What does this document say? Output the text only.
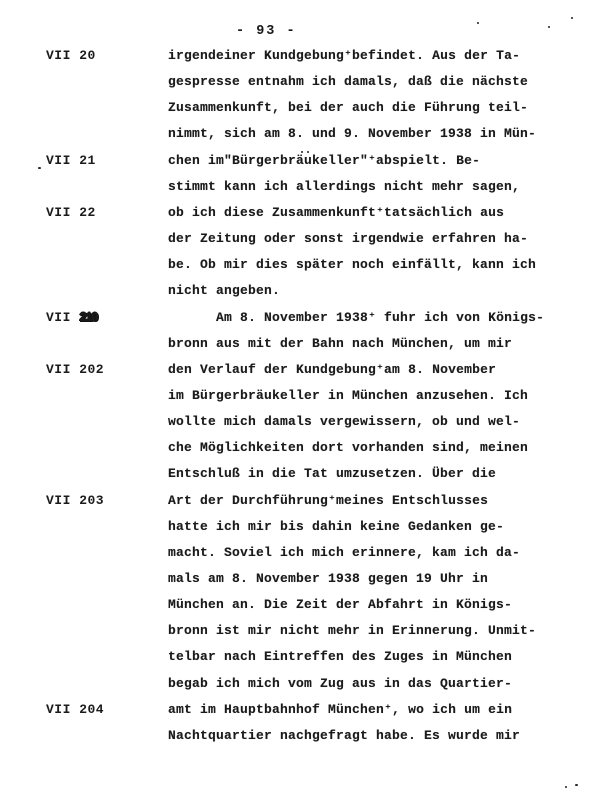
- 93 -
VII 20	irgendeiner Kundgebung⁺befindet. Aus der Ta-
gespresse entnahm ich damals, daß die nächste
Zusammenkunft, bei der auch die Führung teil-
nimmt, sich am 8. und 9. November 1938 in Mün-
VII 21	chen im"Bürgerbräukeller"⁺abspielt. Be-
stimmt kann ich allerdings nicht mehr sagen,
VII 22	ob ich diese Zusammenkunft⁺tatsächlich aus
der Zeitung oder sonst irgendwie erfahren ha-
be. Ob mir dies später noch einfällt, kann ich
nicht angeben.
VII 210	Am 8. November 1938⁺ fuhr ich von Königs-
bronn aus mit der Bahn nach München, um mir
VII 202	den Verlauf der Kundgebung⁺am 8. November
im Bürgerbräukeller in München anzusehen. Ich
wollte mich damals vergewissern, ob und wel-
che Möglichkeiten dort vorhanden sind, meinen
Entschluß in die Tat umzusetzen. Über die
VII 203	Art der Durchführung⁺meines Entschlusses
hatte ich mir bis dahin keine Gedanken ge-
macht. Soviel ich mich erinnere, kam ich da-
mals am 8. November 1938 gegen 19 Uhr in
München an. Die Zeit der Abfahrt in Königs-
bronn ist mir nicht mehr in Erinnerung. Unmit-
telbar nach Eintreffen des Zuges in München
begab ich mich vom Zug aus in das Quartier-
VII 204	amt im Hauptbahnhof München⁺, wo ich um ein
Nachtquartier nachgefragt habe. Es wurde mir
